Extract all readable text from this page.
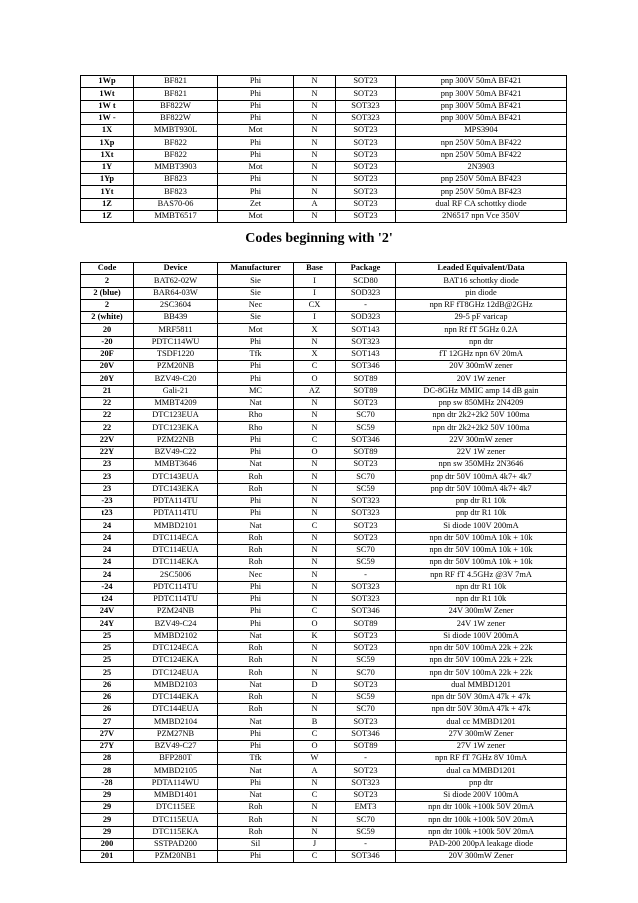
1Wp	BF821	Phi	N	SOT23	pnp 300V 50mA BF421
1Wt	BF821	Phi	N	SOT23	pnp 300V 50mA BF421
1W t	BF822W	Phi	N	SOT323	pnp 300V 50mA BF421
1W -	BF822W	Phi	N	SOT323	pnp 300V 50mA BF421
1X	MMBT930L	Mot	N	SOT23	MPS3904
1Xp	BF822	Phi	N	SOT23	npn 250V 50mA BF422
1Xt	BF822	Phi	N	SOT23	npn 250V 50mA BF422
1Y	MMBT3903	Mot	N	SOT23	2N3903
1Yp	BF823	Phi	N	SOT23	pnp 250V 50mA BF423
1Yt	BF823	Phi	N	SOT23	pnp 250V 50mA BF423
1Z	BAS70-06	Zet	A	SOT23	dual RF CA schottky diode
1Z	MMBT6517	Mot	N	SOT23	2N6517 npn Vce 350V
Codes beginning with '2'
Code	Device	Manufacturer	Base	Package	Leaded Equivalent/Data
2	BAT62-02W	Sie	I	SCD80	BAT16 schottky diode
2 (blue)	BAR64-03W	Sie	I	SOD323	pin diode
2	2SC3604	Nec	CX	-	npn RF fT8GHz 12dB@2GHz
2 (white)	BB439	Sie	I	SOD323	29-5 pF varicap
20	MRF5811	Mot	X	SOT143	npn Rf fT 5GHz 0.2A
-20	PDTC114WU	Phi	N	SOT323	npn dtr
20F	TSDF1220	Tfk	X	SOT143	fT 12GHz npn 6V 20mA
20V	PZM20NB	Phi	C	SOT346	20V 300mW zener
20Y	BZV49-C20	Phi	O	SOT89	20V 1W zener
21	Gali-21	MC	AZ	SOT89	DC-8GHz MMIC amp 14 dB gain
22	MMBT4209	Nat	N	SOT23	pnp sw 850MHz 2N4209
22	DTC123EUA	Rho	N	SC70	npn dtr 2k2+2k2 50V 100ma
22	DTC123EKA	Rho	N	SC59	npn dtr 2k2+2k2 50V 100ma
22V	PZM22NB	Phi	C	SOT346	22V 300mW zener
22Y	BZV49-C22	Phi	O	SOT89	22V 1W zener
23	MMBT3646	Nat	N	SOT23	npn sw 350MHz 2N3646
23	DTC143EUA	Roh	N	SC70	pnp dtr 50V 100mA 4k7+ 4k7
23	DTC143EKA	Roh	N	SC59	pnp dtr 50V 100mA 4k7+ 4k7
-23	PDTA114TU	Phi	N	SOT323	pnp dtr R1 10k
t23	PDTA114TU	Phi	N	SOT323	pnp dtr R1 10k
24	MMBD2101	Nat	C	SOT23	Si diode 100V 200mA
24	DTC114ECA	Roh	N	SOT23	npn dtr 50V 100mA 10k + 10k
24	DTC114EUA	Roh	N	SC70	npn dtr 50V 100mA 10k + 10k
24	DTC114EKA	Roh	N	SC59	npn dtr 50V 100mA 10k + 10k
24	2SC5006	Nec	N	-	npn RF fT 4.5GHz @3V 7mA
-24	PDTC114TU	Phi	N	SOT323	npn dtr R1 10k
t24	PDTC114TU	Phi	N	SOT323	npn dtr R1 10k
24V	PZM24NB	Phi	C	SOT346	24V 300mW Zener
24Y	BZV49-C24	Phi	O	SOT89	24V 1W zener
25	MMBD2102	Nat	K	SOT23	Si diode 100V 200mA
25	DTC124ECA	Roh	N	SOT23	npn dtr 50V 100mA 22k + 22k
25	DTC124EKA	Roh	N	SC59	npn dtr 50V 100mA 22k + 22k
25	DTC124EUA	Roh	N	SC70	npn dtr 50V 100mA 22k + 22k
26	MMBD2103	Nat	D	SOT23	dual MMBD1201
26	DTC144EKA	Roh	N	SC59	npn dtr 50V 30mA 47k + 47k
26	DTC144EUA	Roh	N	SC70	npn dtr 50V 30mA 47k + 47k
27	MMBD2104	Nat	B	SOT23	dual cc MMBD1201
27V	PZM27NB	Phi	C	SOT346	27V 300mW Zener
27Y	BZV49-C27	Phi	O	SOT89	27V 1W zener
28	BFP280T	Tfk	W	-	npn RF fT 7GHz 8V 10mA
28	MMBD2105	Nat	A	SOT23	dual ca MMBD1201
-28	PDTA114WU	Phi	N	SOT323	pnp dtr
29	MMBD1401	Nat	C	SOT23	Si diode 200V 100mA
29	DTC115EE	Roh	N	EMT3	npn dtr 100k +100k 50V 20mA
29	DTC115EUA	Roh	N	SC70	npn dtr 100k +100k 50V 20mA
29	DTC115EKA	Roh	N	SC59	npn dtr 100k +100k 50V 20mA
200	SSTPAD200	Sil	J	-	PAD-200 200pA leakage diode
201	PZM20NB1	Phi	C	SOT346	20V 300mW Zener
